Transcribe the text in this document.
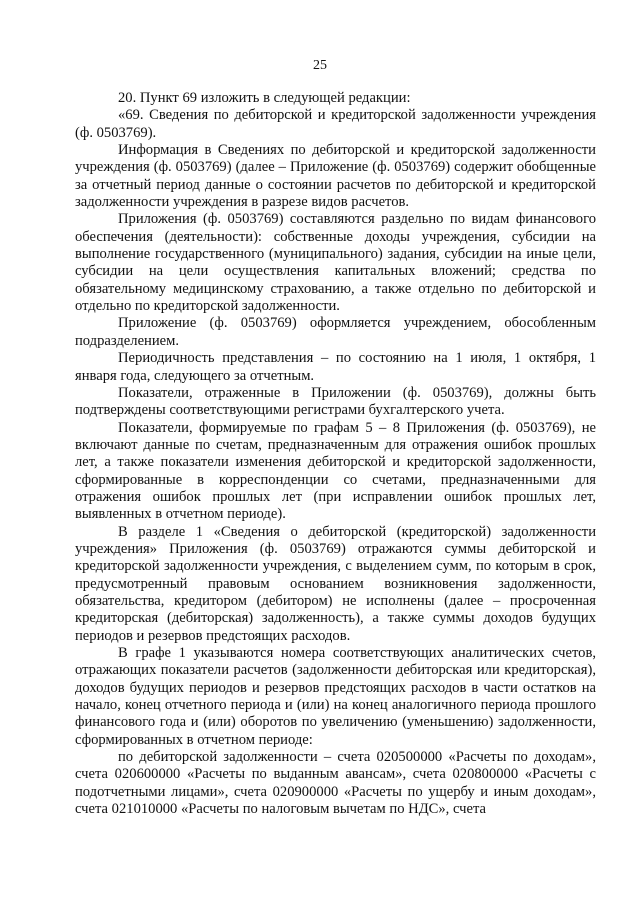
25

20. Пункт 69 изложить в следующей редакции:

«69. Сведения по дебиторской и кредиторской задолженности учреждения (ф. 0503769).

Информация в Сведениях по дебиторской и кредиторской задолженности учреждения (ф. 0503769) (далее – Приложение (ф. 0503769) содержит обобщенные за отчетный период данные о состоянии расчетов по дебиторской и кредиторской задолженности учреждения в разрезе видов расчетов.

Приложения (ф. 0503769) составляются раздельно по видам финансового обеспечения (деятельности): собственные доходы учреждения, субсидии на выполнение государственного (муниципального) задания, субсидии на иные цели, субсидии на цели осуществления капитальных вложений; средства по обязательному медицинскому страхованию, а также отдельно по дебиторской и отдельно по кредиторской задолженности.

Приложение (ф. 0503769) оформляется учреждением, обособленным подразделением.

Периодичность представления – по состоянию на 1 июля, 1 октября, 1 января года, следующего за отчетным.

Показатели, отраженные в Приложении (ф. 0503769), должны быть подтверждены соответствующими регистрами бухгалтерского учета.

Показатели, формируемые по графам 5 – 8 Приложения (ф. 0503769), не включают данные по счетам, предназначенным для отражения ошибок прошлых лет, а также показатели изменения дебиторской и кредиторской задолженности, сформированные в корреспонденции со счетами, предназначенными для отражения ошибок прошлых лет (при исправлении ошибок прошлых лет, выявленных в отчетном периоде).

В разделе 1 «Сведения о дебиторской (кредиторской) задолженности учреждения» Приложения (ф. 0503769) отражаются суммы дебиторской и кредиторской задолженности учреждения, с выделением сумм, по которым в срок, предусмотренный правовым основанием возникновения задолженности, обязательства, кредитором (дебитором) не исполнены (далее – просроченная кредиторская (дебиторская) задолженность), а также суммы доходов будущих периодов и резервов предстоящих расходов.

В графе 1 указываются номера соответствующих аналитических счетов, отражающих показатели расчетов (задолженности дебиторская или кредиторская), доходов будущих периодов и резервов предстоящих расходов в части остатков на начало, конец отчетного периода и (или) на конец аналогичного периода прошлого финансового года и (или) оборотов по увеличению (уменьшению) задолженности, сформированных в отчетном периоде:

по дебиторской задолженности – счета 020500000 «Расчеты по доходам», счета 020600000 «Расчеты по выданным авансам», счета 020800000 «Расчеты с подотчетными лицами», счета 020900000 «Расчеты по ущербу и иным доходам», счета 021010000 «Расчеты по налоговым вычетам по НДС», счета
